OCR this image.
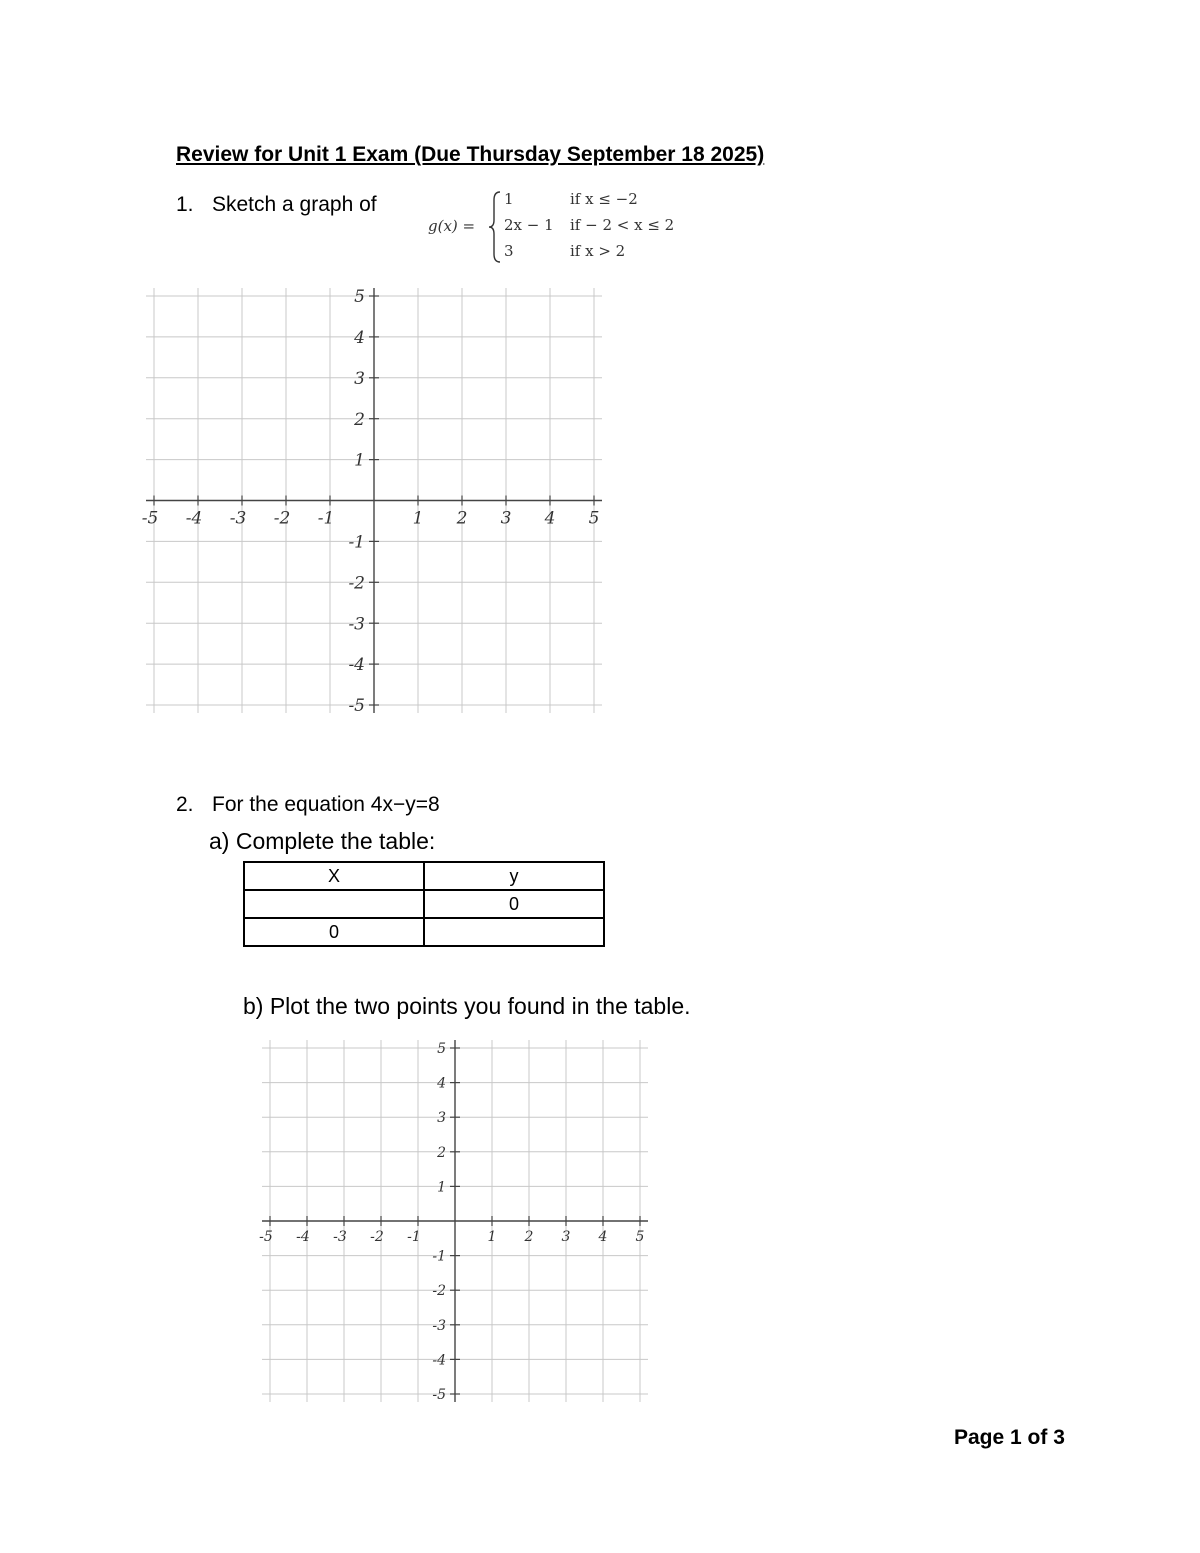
Review for Unit 1 Exam (Due Thursday September 18 2025)
1. Sketch a graph of
g(x) =
1	if x ≤ −2
2x − 1 if − 2 < x ≤ 2
3	if x > 2
-5 -4 -3 -2 -1	1 2 3 4 5
5
4
3
2
1
-1
-2
-3
-4
-5
2. For the equation 4x−y=8
a) Complete the table:
X	y
	0
0	
b) Plot the two points you found in the table.
-5 -4 -3 -2 -1	1 2 3 4 5
5
4
3
2
1
-1
-2
-3
-4
-5
Page 1 of 3
